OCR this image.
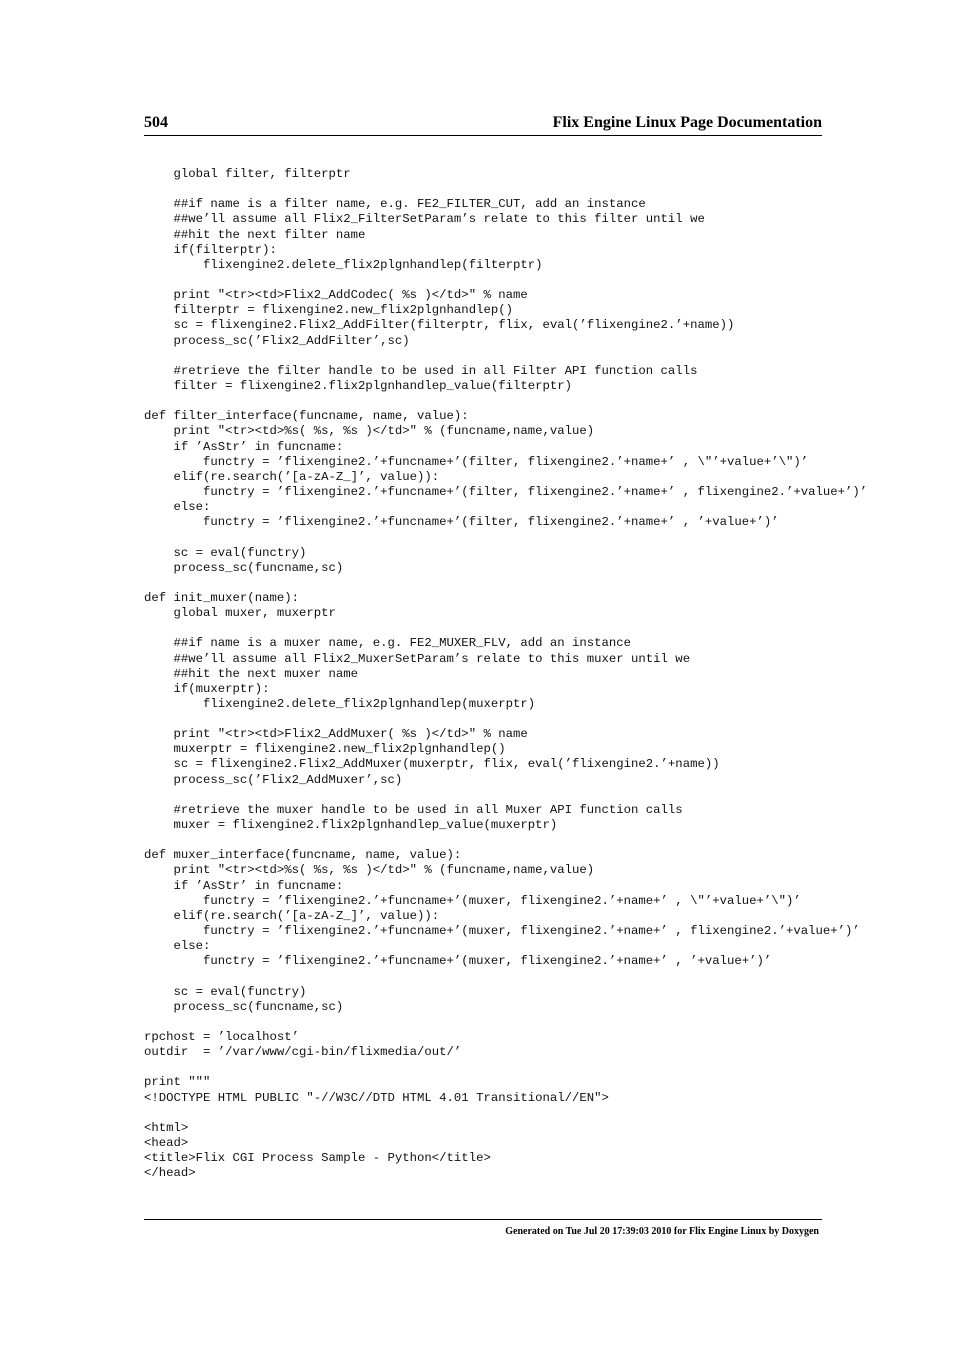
504	Flix Engine Linux Page Documentation
global filter, filterptr
##if name is a filter name, e.g. FE2_FILTER_CUT, add an instance
##we’ll assume all Flix2_FilterSetParam’s relate to this filter until we
##hit the next filter name
if(filterptr):
flixengine2.delete_flix2plgnhandlep(filterptr)
print "<tr><td>Flix2_AddCodec( %s )</td>" % name
filterptr = flixengine2.new_flix2plgnhandlep()
sc = flixengine2.Flix2_AddFilter(filterptr, flix, eval(’flixengine2.’+name))
process_sc(’Flix2_AddFilter’,sc)
#retrieve the filter handle to be used in all Filter API function calls
filter = flixengine2.flix2plgnhandlep_value(filterptr)
def filter_interface(funcname, name, value):
print "<tr><td>%s( %s, %s )</td>" % (funcname,name,value)
if ’AsStr’ in funcname:
functry = ’flixengine2.’+funcname+’(filter, flixengine2.’+name+’ , \"’+value+’\")’
elif(re.search(’[a-zA-Z_]’, value)):
functry = ’flixengine2.’+funcname+’(filter, flixengine2.’+name+’ , flixengine2.’+value+’)’
else:
functry = ’flixengine2.’+funcname+’(filter, flixengine2.’+name+’ , ’+value+’)’
sc = eval(functry)
process_sc(funcname,sc)
def init_muxer(name):
global muxer, muxerptr
##if name is a muxer name, e.g. FE2_MUXER_FLV, add an instance
##we’ll assume all Flix2_MuxerSetParam’s relate to this muxer until we
##hit the next muxer name
if(muxerptr):
flixengine2.delete_flix2plgnhandlep(muxerptr)
print "<tr><td>Flix2_AddMuxer( %s )</td>" % name
muxerptr = flixengine2.new_flix2plgnhandlep()
sc = flixengine2.Flix2_AddMuxer(muxerptr, flix, eval(’flixengine2.’+name))
process_sc(’Flix2_AddMuxer’,sc)
#retrieve the muxer handle to be used in all Muxer API function calls
muxer = flixengine2.flix2plgnhandlep_value(muxerptr)
def muxer_interface(funcname, name, value):
print "<tr><td>%s( %s, %s )</td>" % (funcname,name,value)
if ’AsStr’ in funcname:
functry = ’flixengine2.’+funcname+’(muxer, flixengine2.’+name+’ , \"’+value+’\")’
elif(re.search(’[a-zA-Z_]’, value)):
functry = ’flixengine2.’+funcname+’(muxer, flixengine2.’+name+’ , flixengine2.’+value+’)’
else:
functry = ’flixengine2.’+funcname+’(muxer, flixengine2.’+name+’ , ’+value+’)’
sc = eval(functry)
process_sc(funcname,sc)
rpchost = ’localhost’
outdir  = ’/var/www/cgi-bin/flixmedia/out/’
print """
<!DOCTYPE HTML PUBLIC "-//W3C//DTD HTML 4.01 Transitional//EN">
<html>
<head>
<title>Flix CGI Process Sample - Python</title>
</head>
Generated on Tue Jul 20 17:39:03 2010 for Flix Engine Linux by Doxygen
